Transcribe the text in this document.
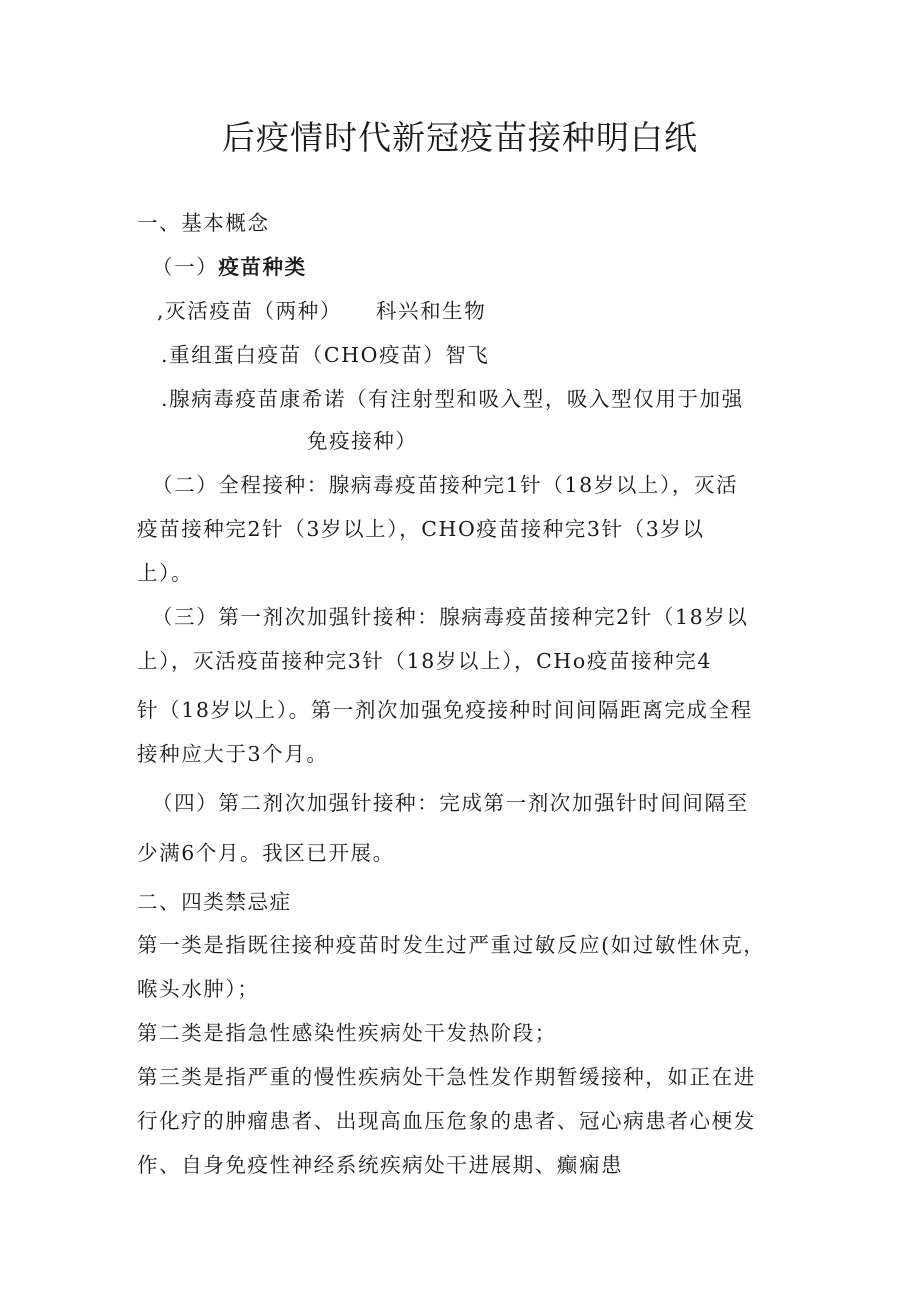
后疫情时代新冠疫苗接种明白纸
一、基本概念
（一）疫苗种类
,灭活疫苗（两种）　　科兴和生物
.重组蛋白疫苗（CHO疫苗）智飞
.腺病毒疫苗康希诺（有注射型和吸入型，吸入型仅用于加强
免疫接种）
（二）全程接种：腺病毒疫苗接种完1针（18岁以上），灭活
疫苗接种完2针（3岁以上），CHO疫苗接种完3针（3岁以
上）。
（三）第一剂次加强针接种：腺病毒疫苗接种完2针（18岁以
上），灭活疫苗接种完3针（18岁以上），CHo疫苗接种完4
针（18岁以上）。第一剂次加强免疫接种时间间隔距离完成全程
接种应大于3个月。
（四）第二剂次加强针接种：完成第一剂次加强针时间间隔至
少满6个月。我区已开展。
二、四类禁忌症
第一类是指既往接种疫苗时发生过严重过敏反应(如过敏性休克，
喉头水肿）；
第二类是指急性感染性疾病处干发热阶段；
第三类是指严重的慢性疾病处干急性发作期暂缓接种，如正在进
行化疗的肿瘤患者、出现高血压危象的患者、冠心病患者心梗发
作、自身免疫性神经系统疾病处干进展期、癫痫患
